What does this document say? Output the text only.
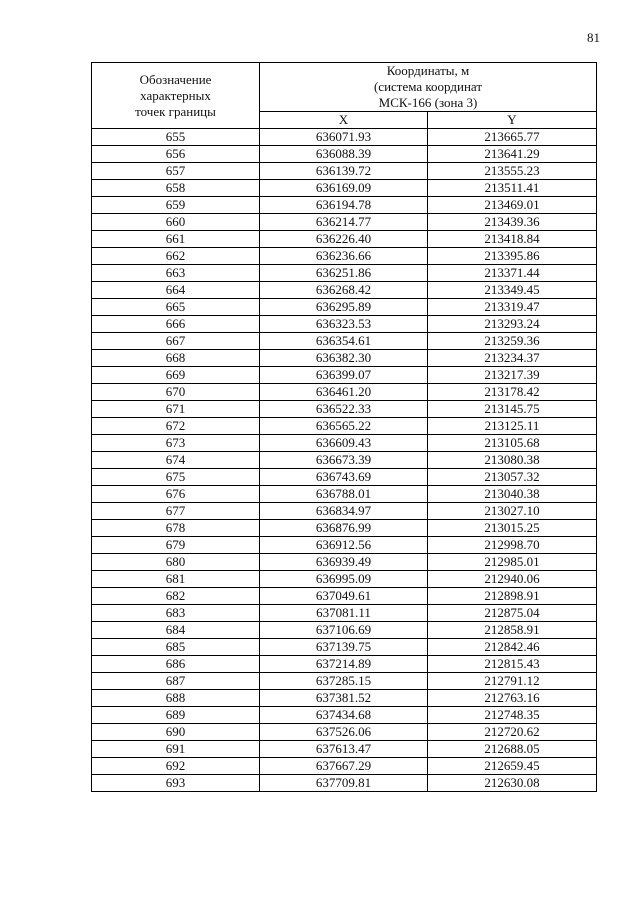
81
Обозначение
характерных
точек границы	Координаты, м
(система координат
МСК-166 (зона 3)	

	X	Y
655	636071.93	213665.77
656	636088.39	213641.29
657	636139.72	213555.23
658	636169.09	213511.41
659	636194.78	213469.01
660	636214.77	213439.36
661	636226.40	213418.84
662	636236.66	213395.86
663	636251.86	213371.44
664	636268.42	213349.45
665	636295.89	213319.47
666	636323.53	213293.24
667	636354.61	213259.36
668	636382.30	213234.37
669	636399.07	213217.39
670	636461.20	213178.42
671	636522.33	213145.75
672	636565.22	213125.11
673	636609.43	213105.68
674	636673.39	213080.38
675	636743.69	213057.32
676	636788.01	213040.38
677	636834.97	213027.10
678	636876.99	213015.25
679	636912.56	212998.70
680	636939.49	212985.01
681	636995.09	212940.06
682	637049.61	212898.91
683	637081.11	212875.04
684	637106.69	212858.91
685	637139.75	212842.46
686	637214.89	212815.43
687	637285.15	212791.12
688	637381.52	212763.16
689	637434.68	212748.35
690	637526.06	212720.62
691	637613.47	212688.05
692	637667.29	212659.45
693	637709.81	212630.08
